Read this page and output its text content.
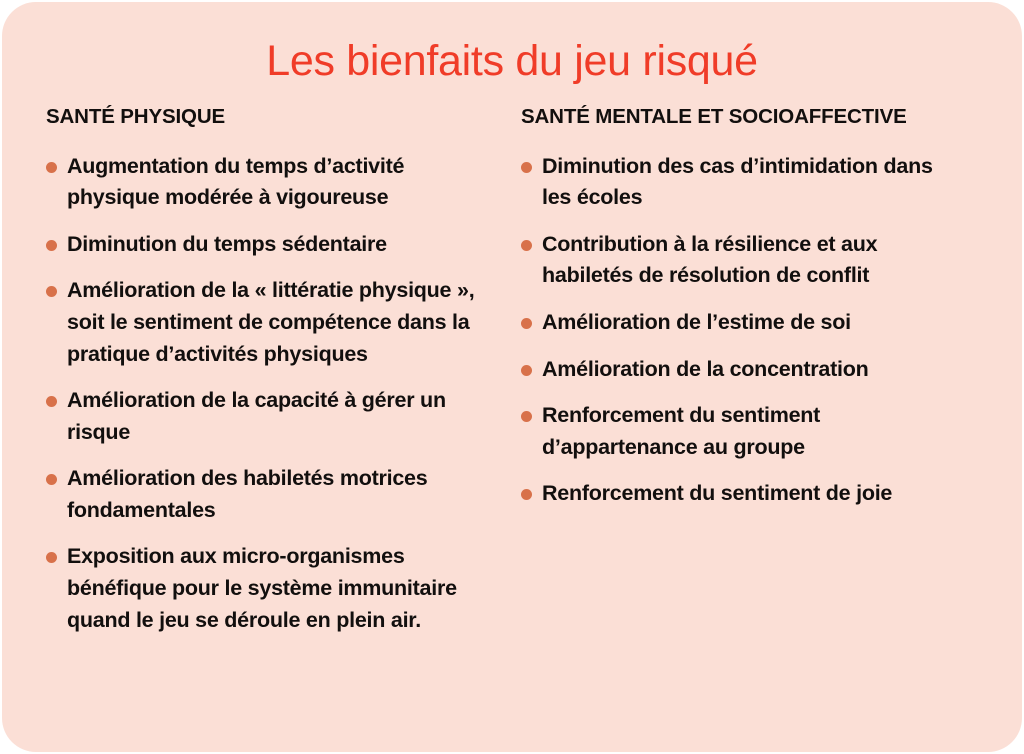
Les bienfaits du jeu risqué
SANTÉ PHYSIQUE
Augmentation du temps d’activité physique modérée à vigoureuse
Diminution du temps sédentaire
Amélioration de la « littératie physique », soit le sentiment de compétence dans la pratique d’activités physiques
Amélioration de la capacité à gérer un risque
Amélioration des habiletés motrices fondamentales
Exposition aux micro-organismes bénéfique pour le système immunitaire quand le jeu se déroule en plein air.
SANTÉ MENTALE ET SOCIOAFFECTIVE
Diminution des cas d’intimidation dans les écoles
Contribution à la résilience et aux habiletés de résolution de conflit
Amélioration de l’estime de soi
Amélioration de la concentration
Renforcement du sentiment d’appartenance au groupe
Renforcement du sentiment de joie
